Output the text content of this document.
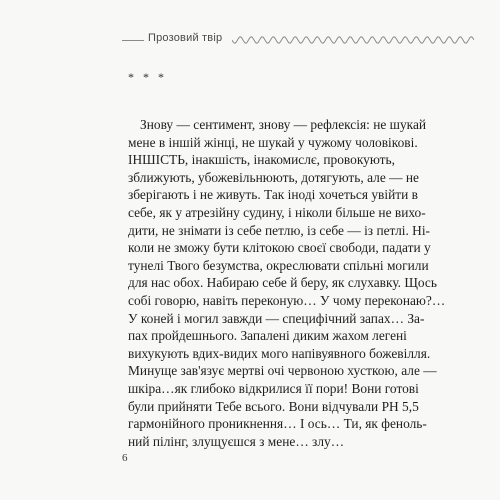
Прозовий твір
* * *
Знову — сентимент, знову — рефлексія: не шукай
мене в іншій жінці, не шукай у чужому чоловікові.
ІНШІСТЬ, інакшість, інакомислє, провокують,
зближують, убожевільнюють, дотягують, але — не
зберігають і не живуть. Так іноді хочеться увійти в
себе, як у атрезійну судину, і ніколи більше не вихо-
дити, не знімати із себе петлю, із себе — із петлі. Ні-
коли не зможу бути клітокою своєї свободи, падати у
тунелі Твого безумства, окреслювати спільні могили
для нас обох. Набираю себе й беру, як слухавку. Щось
собі говорю, навіть переконую… У чому переконаю?…
У коней і могил завжди — специфічний запах… За-
пах пройдешнього. Запалені диким жахом легені
вихукують вдих-видих мого напівуявного божевілля.
Минуще зав'язує мертві очі червоною хусткою, але —
шкіра…як глибоко відкрилися її пори! Вони готові
були прийняти Тебе всього. Вони відчували PH 5,5
гармонійного проникнення… І ось… Ти, як феноль-
ний пілінг, злущуєшся з мене… злу…
6
